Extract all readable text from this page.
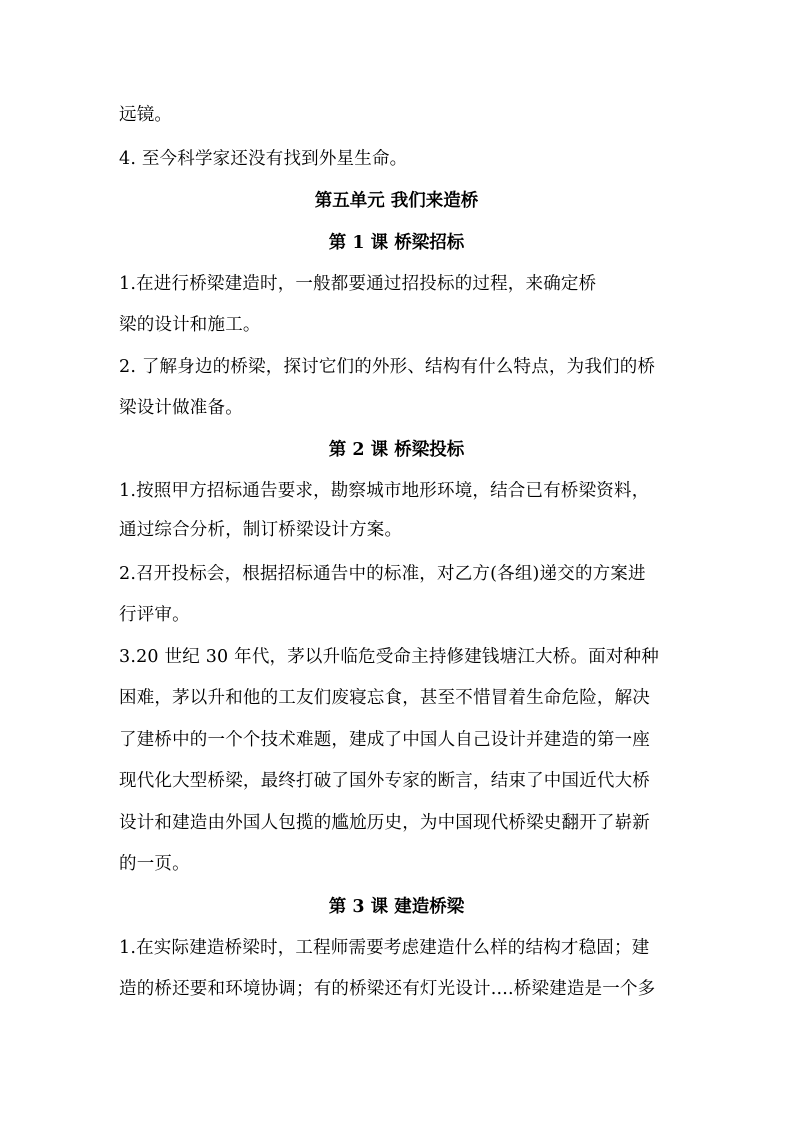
远镜。
4. 至今科学家还没有找到外星生命。
第五单元 我们来造桥
第 1 课 桥梁招标
1.在进行桥梁建造时，一般都要通过招投标的过程，来确定桥
梁的设计和施工。
2. 了解身边的桥梁，探讨它们的外形、结构有什么特点，为我们的桥
梁设计做准备。
第 2 课 桥梁投标
1.按照甲方招标通告要求，勘察城市地形环境，结合已有桥梁资料，
通过综合分析，制订桥梁设计方案。
2.召开投标会，根据招标通告中的标准，对乙方(各组)递交的方案进
行评审。
3.20 世纪 30 年代，茅以升临危受命主持修建钱塘江大桥。面对种种
困难，茅以升和他的工友们废寝忘食，甚至不惜冒着生命危险，解决
了建桥中的一个个技术难题，建成了中国人自己设计并建造的第一座
现代化大型桥梁，最终打破了国外专家的断言，结束了中国近代大桥
设计和建造由外国人包揽的尴尬历史，为中国现代桥梁史翻开了崭新
的一页。
第 3 课 建造桥梁
1.在实际建造桥梁时，工程师需要考虑建造什么样的结构才稳固；建
造的桥还要和环境协调；有的桥梁还有灯光设计....桥梁建造是一个多
